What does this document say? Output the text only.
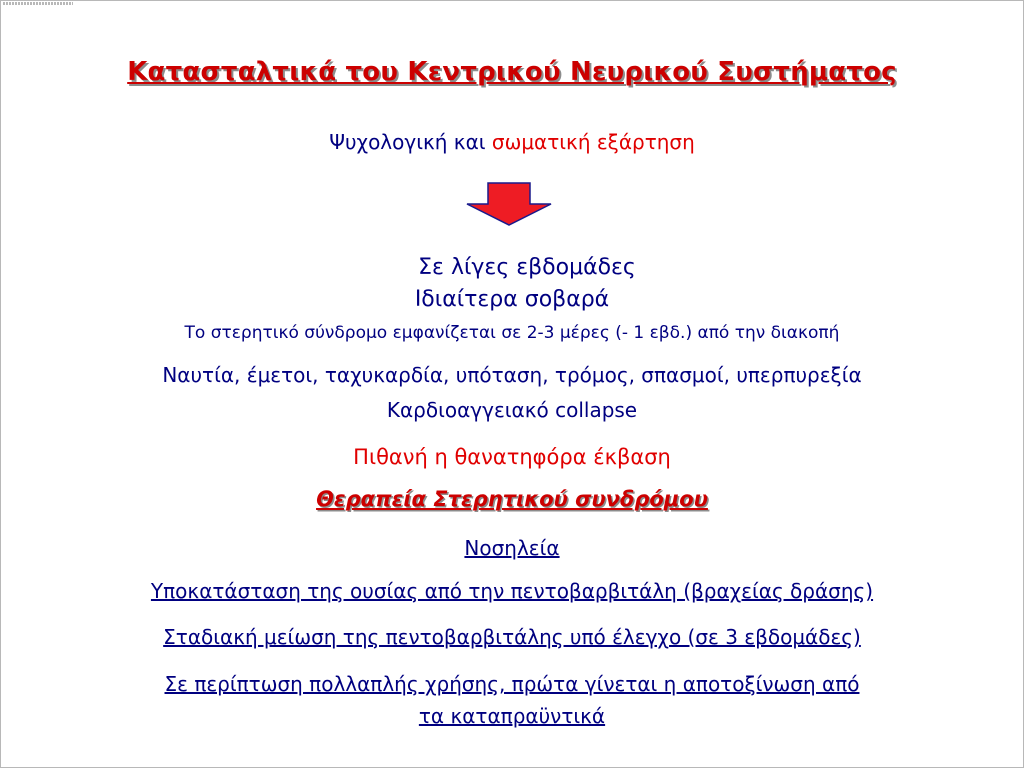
Κατασταλτικά του Κεντρικού Νευρικού Συστήματος
Ψυχολογική και σωματική εξάρτηση
Σε λίγες εβδομάδες
Ιδιαίτερα σοβαρά
Το στερητικό σύνδρομο εμφανίζεται σε 2-3 μέρες (- 1 εβδ.) από την διακοπή
Ναυτία, έμετοι, ταχυκαρδία, υπόταση, τρόμος, σπασμοί, υπερπυρεξία
Καρδιοαγγειακό collapse
Πιθανή η θανατηφόρα έκβαση
Θεραπεία Στερητικού συνδρόμου
Νοσηλεία
Υποκατάσταση της ουσίας από την πεντοβαρβιτάλη (βραχείας δράσης)
Σταδιακή μείωση της πεντοβαρβιτάλης υπό έλεγχο (σε 3 εβδομάδες)
Σε περίπτωση πολλαπλής χρήσης, πρώτα γίνεται η αποτοξίνωση από
τα καταπραϋντικά
